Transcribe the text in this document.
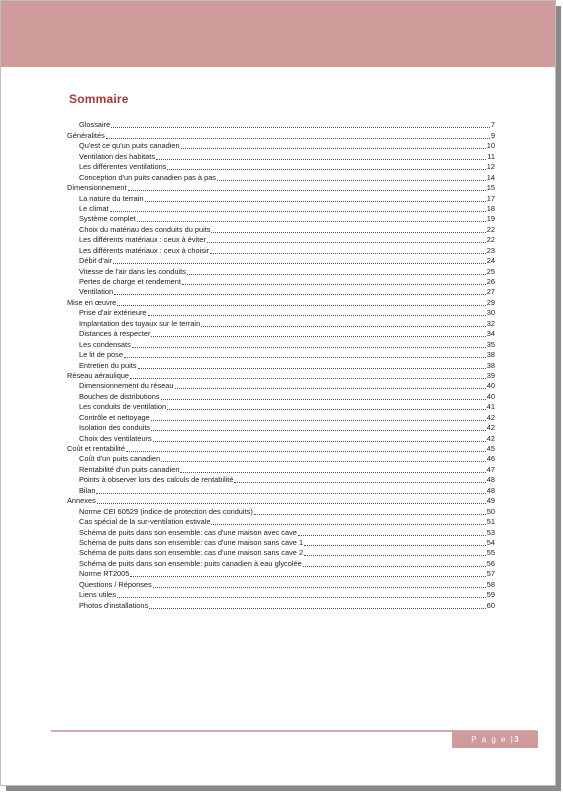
Sommaire
Glossaire	7
Généralités	9
Qu'est ce qu'un puits canadien	10
Ventilation des habitats	11
Les différentes ventilations	12
Conception d'un puits canadien pas à pas	14
Dimensionnement	15
La nature du terrain	17
Le climat	18
Système complet	19
Choix du matériau des conduits du puits	22
Les différents matériaux : ceux à éviter	22
Les différents matériaux : ceux à choisir	23
Débit d'air	24
Vitesse de l'air dans les conduits	25
Pertes de charge et rendement	26
Ventilation	27
Mise en œuvre	29
Prise d'air extérieure	30
Implantation des tuyaux sur le terrain	32
Distances à respecter	34
Les condensats	35
Le lit de pose	38
Entretien du puits	38
Réseau aéraulique	39
Dimensionnement du réseau	40
Bouches de distributions	40
Les conduits de ventilation	41
Contrôle et nettoyage	42
Isolation des conduits	42
Choix des ventilateurs	42
Coût et rentabilité	45
Coût d'un puits canadien	46
Rentabilité d'un puits canadien	47
Points à observer lors des calculs de rentabilité	48
Bilan	48
Annexes	49
Norme CEI 60529 (indice de protection des conduits)	50
Cas spécial de la sur-ventilation estivale	51
Schéma de puits dans son ensemble: cas d'une maison avec cave	53
Schéma de puits dans son ensemble: cas d'une maison sans cave 1	54
Schéma de puits dans son ensemble: cas d'une maison sans cave 2	55
Schéma de puits dans son ensemble: puits canadien à eau glycolée	56
Norme RT2005	57
Questions / Réponses	58
Liens utiles	59
Photos d'installations	60
P a g e |3
